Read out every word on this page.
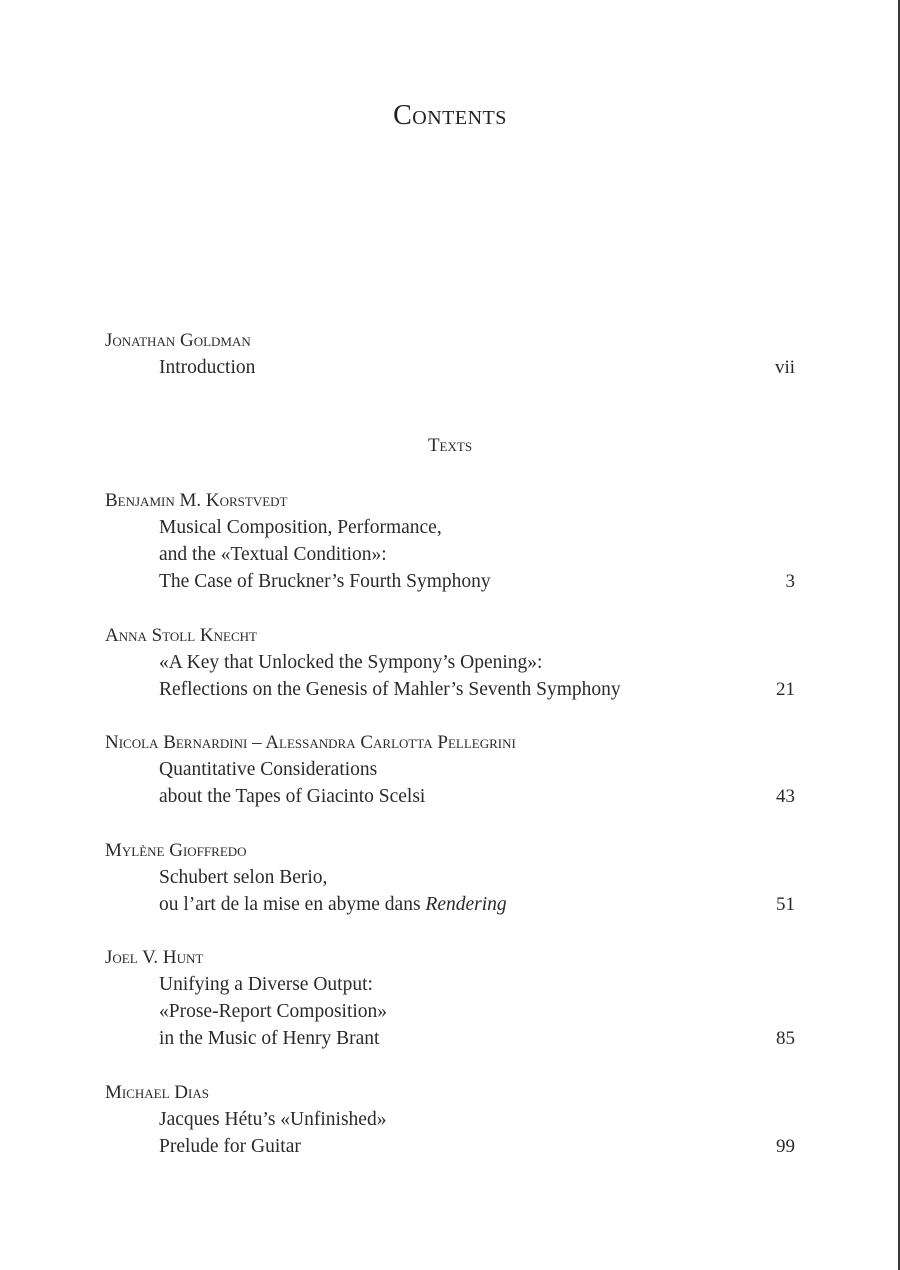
Contents
Jonathan Goldman
Introduction	vii
Texts
Benjamin M. Korstvedt
Musical Composition, Performance,
and the «Textual Condition»:
The Case of Bruckner’s Fourth Symphony	3
Anna Stoll Knecht
«A Key that Unlocked the Sympony’s Opening»:
Reflections on the Genesis of Mahler’s Seventh Symphony	21
Nicola Bernardini – Alessandra Carlotta Pellegrini
Quantitative Considerations
about the Tapes of Giacinto Scelsi	43
Mylène Gioffredo
Schubert selon Berio,
ou l’art de la mise en abyme dans Rendering	51
Joel V. Hunt
Unifying a Diverse Output:
«Prose-Report Composition»
in the Music of Henry Brant	85
Michael Dias
Jacques Hétu’s «Unfinished»
Prelude for Guitar	99
